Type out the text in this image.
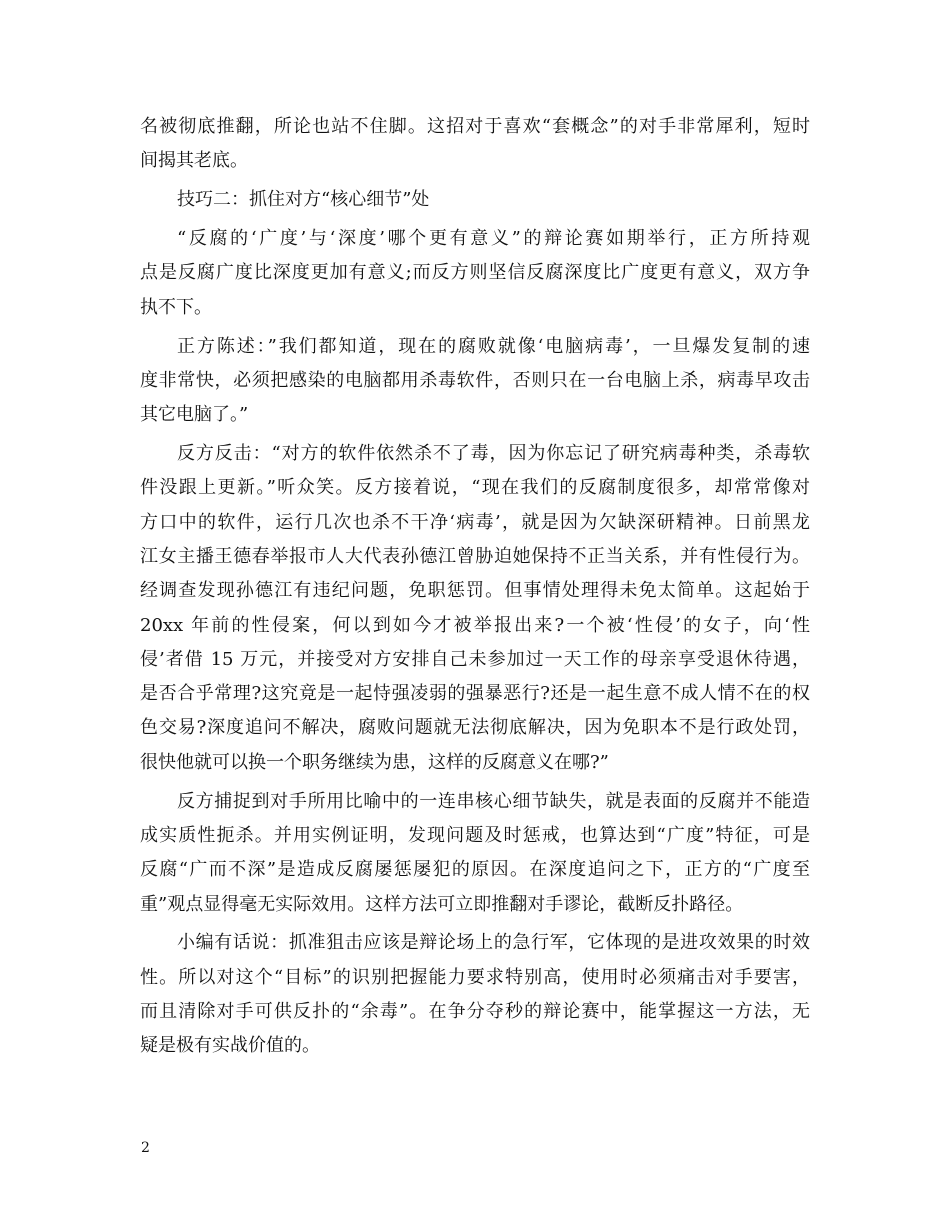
名被彻底推翻，所论也站不住脚。这招对于喜欢“套概念”的对手非常犀利，短时
间揭其老底。
技巧二：抓住对方“核心细节”处
“反腐的‘广度’与‘深度’哪个更有意义”的辩论赛如期举行，正方所持观
点是反腐广度比深度更加有意义;而反方则坚信反腐深度比广度更有意义，双方争
执不下。
正方陈述：”我们都知道，现在的腐败就像‘电脑病毒’，一旦爆发复制的速
度非常快，必须把感染的电脑都用杀毒软件，否则只在一台电脑上杀，病毒早攻击
其它电脑了。”
反方反击：“对方的软件依然杀不了毒，因为你忘记了研究病毒种类，杀毒软
件没跟上更新。”听众笑。反方接着说，“现在我们的反腐制度很多，却常常像对
方口中的软件，运行几次也杀不干净‘病毒’，就是因为欠缺深研精神。日前黑龙
江女主播王德春举报市人大代表孙德江曾胁迫她保持不正当关系，并有性侵行为。
经调查发现孙德江有违纪问题，免职惩罚。但事情处理得未免太简单。这起始于
20xx 年前的性侵案，何以到如今才被举报出来?一个被‘性侵’的女子，向‘性
侵’者借 15 万元，并接受对方安排自己未参加过一天工作的母亲享受退休待遇，
是否合乎常理?这究竟是一起恃强凌弱的强暴恶行?还是一起生意不成人情不在的权
色交易?深度追问不解决，腐败问题就无法彻底解决，因为免职本不是行政处罚，
很快他就可以换一个职务继续为患，这样的反腐意义在哪?”
反方捕捉到对手所用比喻中的一连串核心细节缺失，就是表面的反腐并不能造
成实质性扼杀。并用实例证明，发现问题及时惩戒，也算达到“广度”特征，可是
反腐“广而不深”是造成反腐屡惩屡犯的原因。在深度追问之下，正方的“广度至
重”观点显得毫无实际效用。这样方法可立即推翻对手谬论，截断反扑路径。
小编有话说：抓准狙击应该是辩论场上的急行军，它体现的是进攻效果的时效
性。所以对这个“目标”的识别把握能力要求特别高，使用时必须痛击对手要害，
而且清除对手可供反扑的“余毒”。在争分夺秒的辩论赛中，能掌握这一方法，无
疑是极有实战价值的。
2
